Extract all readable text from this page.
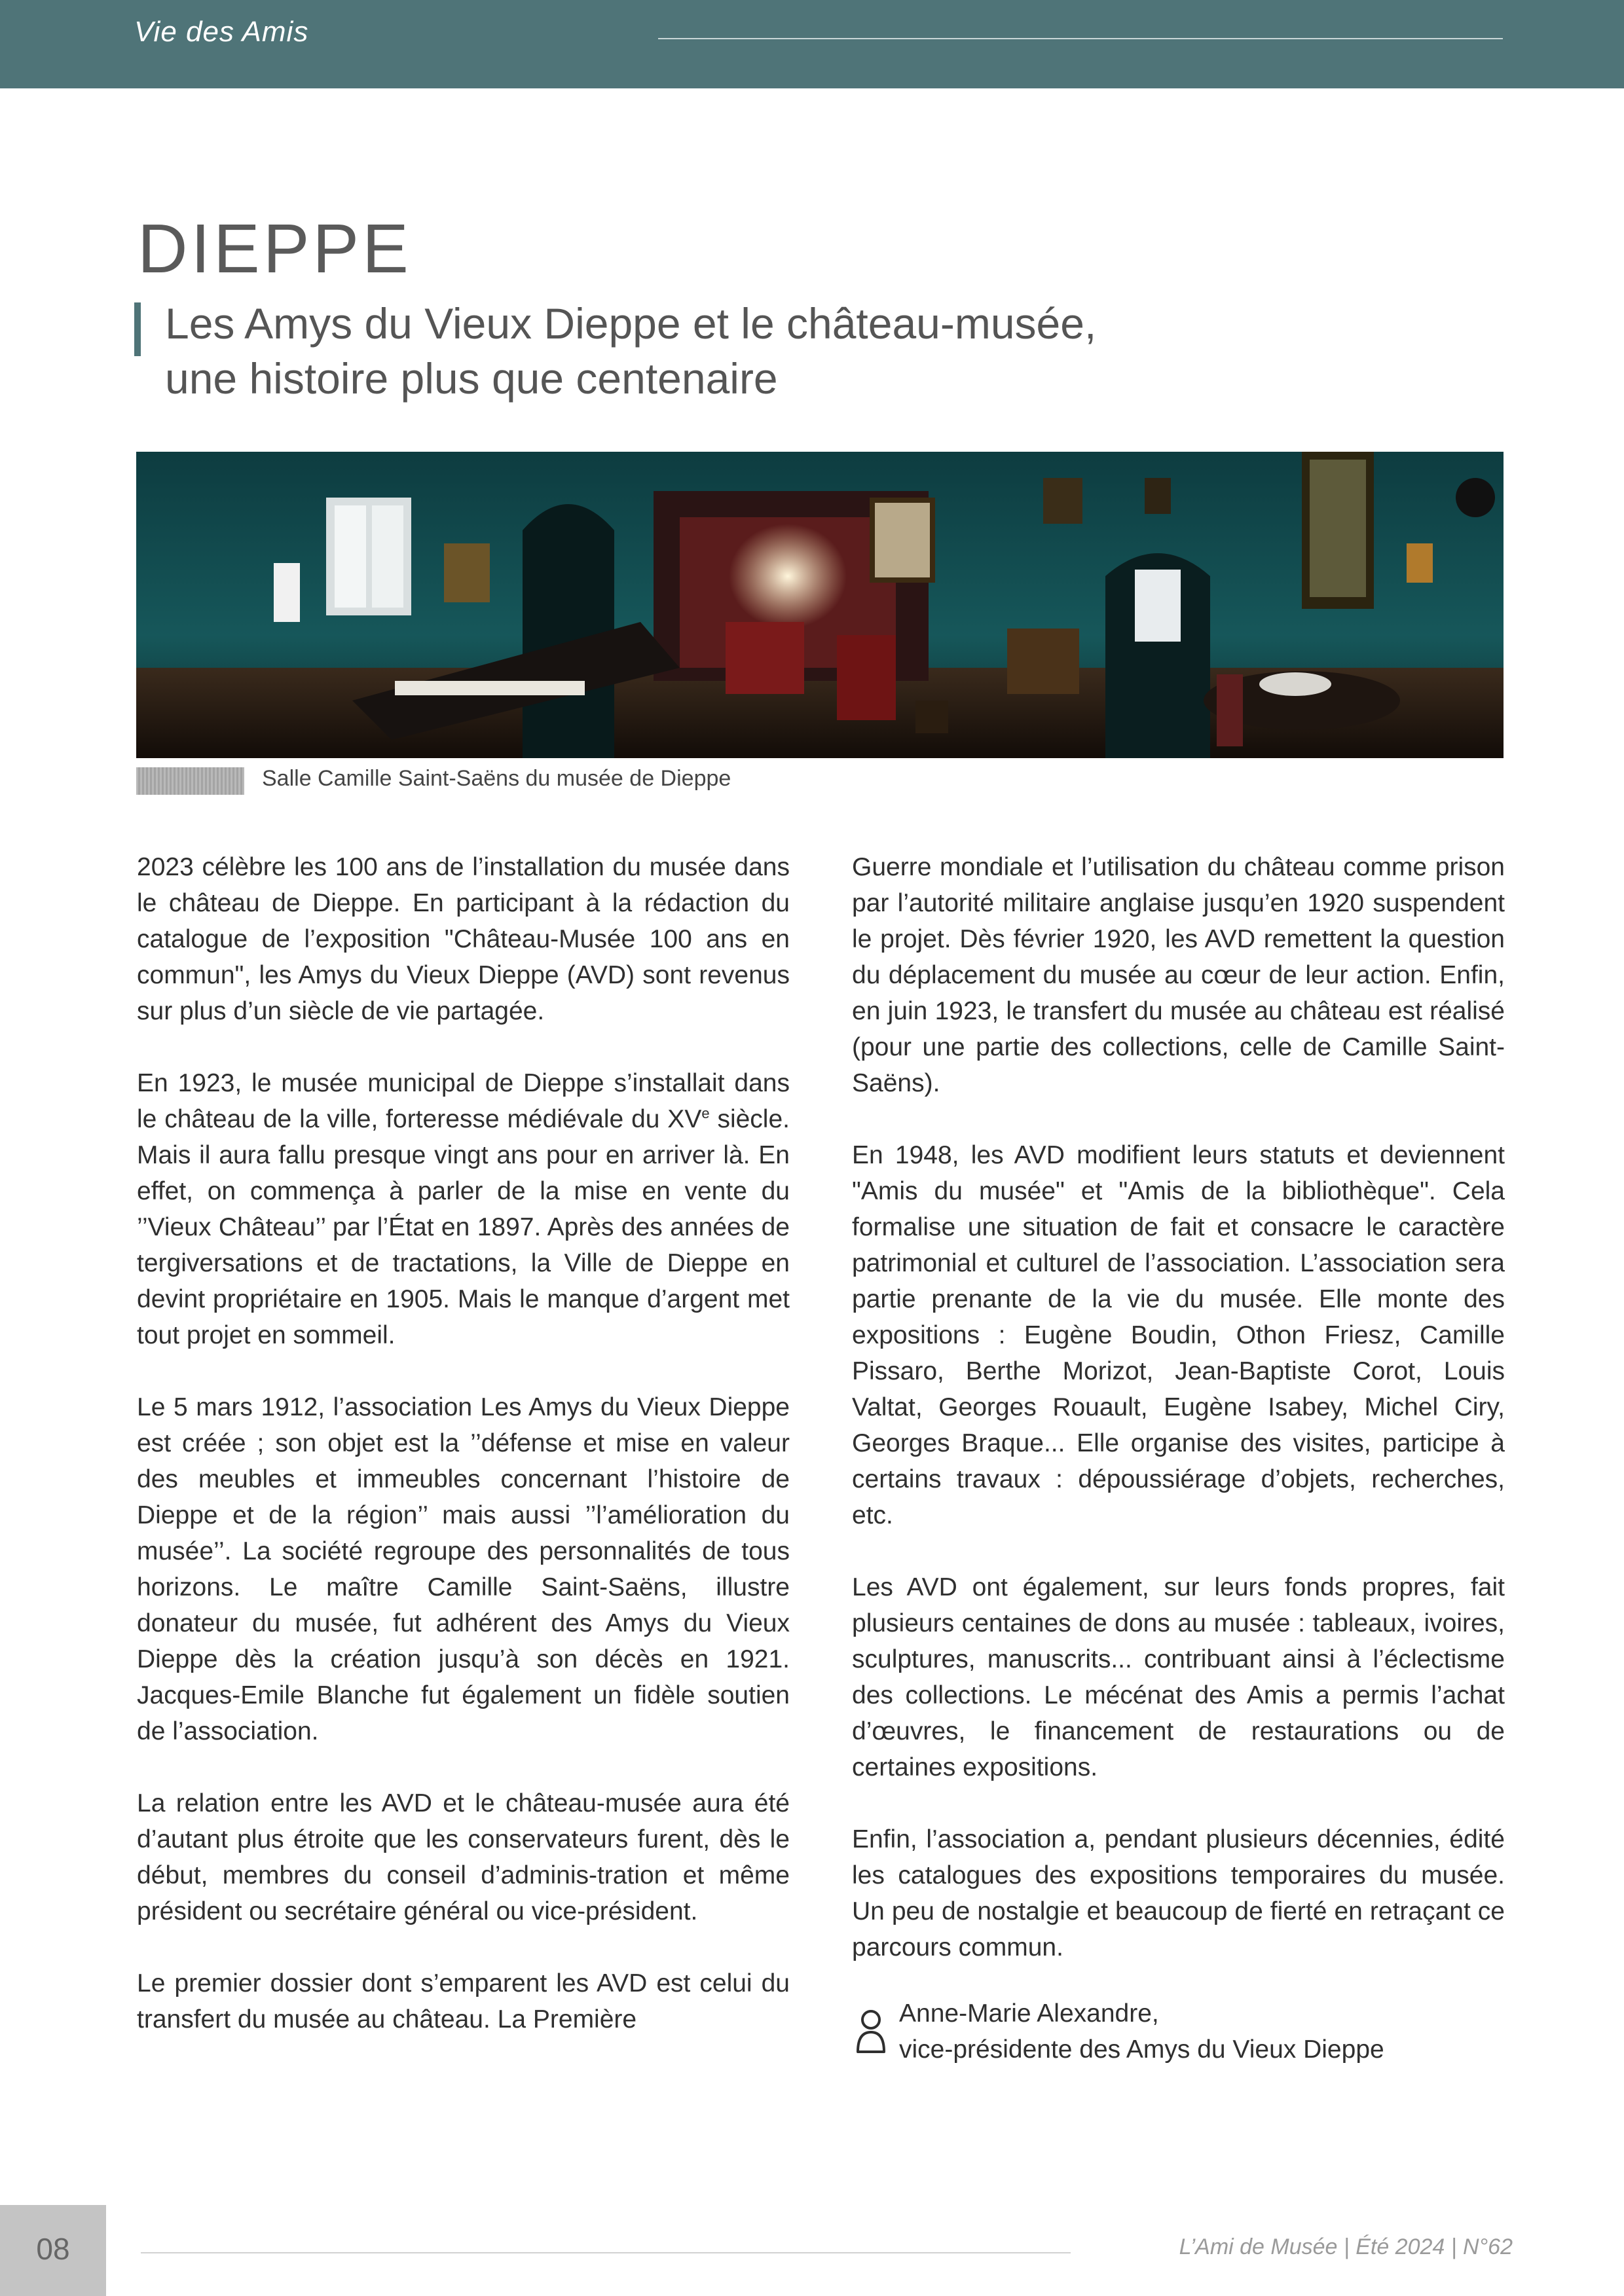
Vie des Amis
DIEPPE
Les Amys du Vieux Dieppe et le château-musée,
une histoire plus que centenaire
Salle Camille Saint-Saëns du musée de Dieppe

2023 célèbre les 100 ans de l’installation du musée dans le château de Dieppe. En participant à la rédaction du catalogue de l’exposition "Château-Musée 100 ans en commun", les Amys du Vieux Dieppe (AVD) sont revenus sur plus d’un siècle de vie partagée.

En 1923, le musée municipal de Dieppe s’installait dans le château de la ville, forteresse médiévale du XVe siècle. Mais il aura fallu presque vingt ans pour en arriver là. En effet, on commença à parler de la mise en vente du ’’Vieux Château’’ par l’État en 1897. Après des années de tergiversations et de tractations, la Ville de Dieppe en devint propriétaire en 1905. Mais le manque d’argent met tout projet en sommeil.

Le 5 mars 1912, l’association Les Amys du Vieux Dieppe est créée ; son objet est la ’’défense et mise en valeur des meubles et immeubles concernant l’histoire de Dieppe et de la région’’ mais aussi ’’l’amélioration du musée’’. La société regroupe des personnalités de tous horizons. Le maître Camille Saint-Saëns, illustre donateur du musée, fut adhérent des Amys du Vieux Dieppe dès la création jusqu’à son décès en 1921. Jacques-Emile Blanche fut également un fidèle soutien de l’association.

La relation entre les AVD et le château-musée aura été d’autant plus étroite que les conservateurs furent, dès le début, membres du conseil d’adminis-tration et même président ou secrétaire général ou vice-président.

Le premier dossier dont s’emparent les AVD est celui du transfert du musée au château. La Première

Guerre mondiale et l’utilisation du château comme prison par l’autorité militaire anglaise jusqu’en 1920 suspendent le projet. Dès février 1920, les AVD remettent la question du déplacement du musée au cœur de leur action. Enfin, en juin 1923, le transfert du musée au château est réalisé (pour une partie des collections, celle de Camille Saint-Saëns).

En 1948, les AVD modifient leurs statuts et deviennent "Amis du musée" et "Amis de la bibliothèque". Cela formalise une situation de fait et consacre le caractère patrimonial et culturel de l’association. L’association sera partie prenante de la vie du musée. Elle monte des expositions : Eugène Boudin, Othon Friesz, Camille Pissaro, Berthe Morizot, Jean-Baptiste Corot, Louis Valtat, Georges Rouault, Eugène Isabey, Michel Ciry, Georges Braque... Elle organise des visites, participe à certains travaux : dépoussiérage d’objets, recherches, etc.

Les AVD ont également, sur leurs fonds propres, fait plusieurs centaines de dons au musée : tableaux, ivoires, sculptures, manuscrits... contribuant ainsi à l’éclectisme des collections. Le mécénat des Amis a permis l’achat d’œuvres, le financement de restaurations ou de certaines expositions.

Enfin, l’association a, pendant plusieurs décennies, édité les catalogues des expositions temporaires du musée. Un peu de nostalgie et beaucoup de fierté en retraçant ce parcours commun.

Anne-Marie Alexandre,
vice-présidente des Amys du Vieux Dieppe
08	L’Ami de Musée | Été 2024 | N°62
